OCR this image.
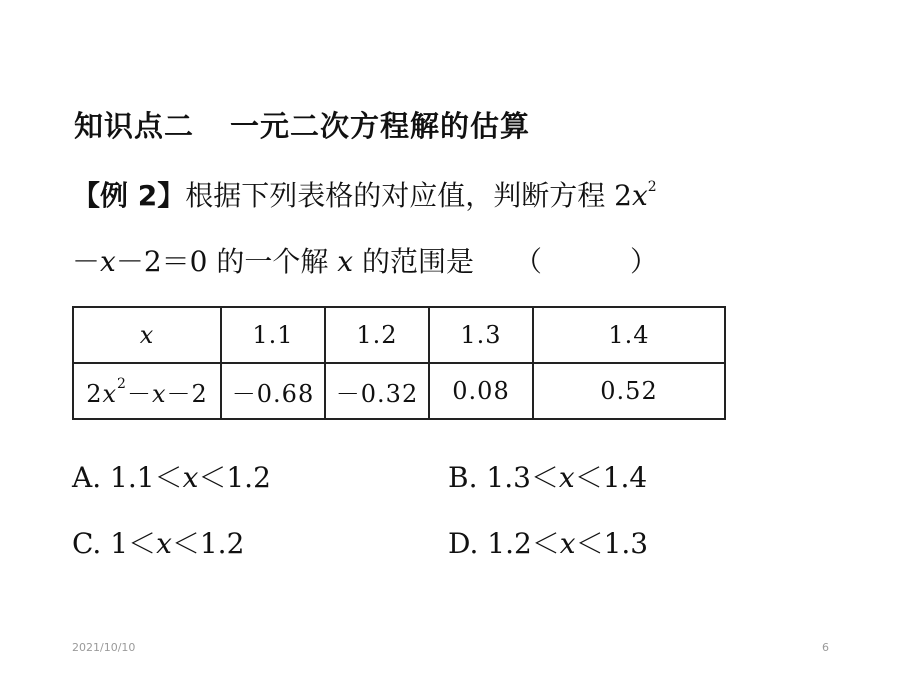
知识点二 一元二次方程解的估算
【例 2】根据下列表格的对应值，判断方程 $2x^2$
－x－2＝0 的一个解 x 的范围是 （	）
x	1.1	1.2	1.3	1.4
$2x^2-x-2$	－0.68	－0.32	0.08	0.52
A. 1.1＜x＜1.2	B. 1.3＜x＜1.4
C. 1＜x＜1.2	D. 1.2＜x＜1.3
2021/10/10	6
